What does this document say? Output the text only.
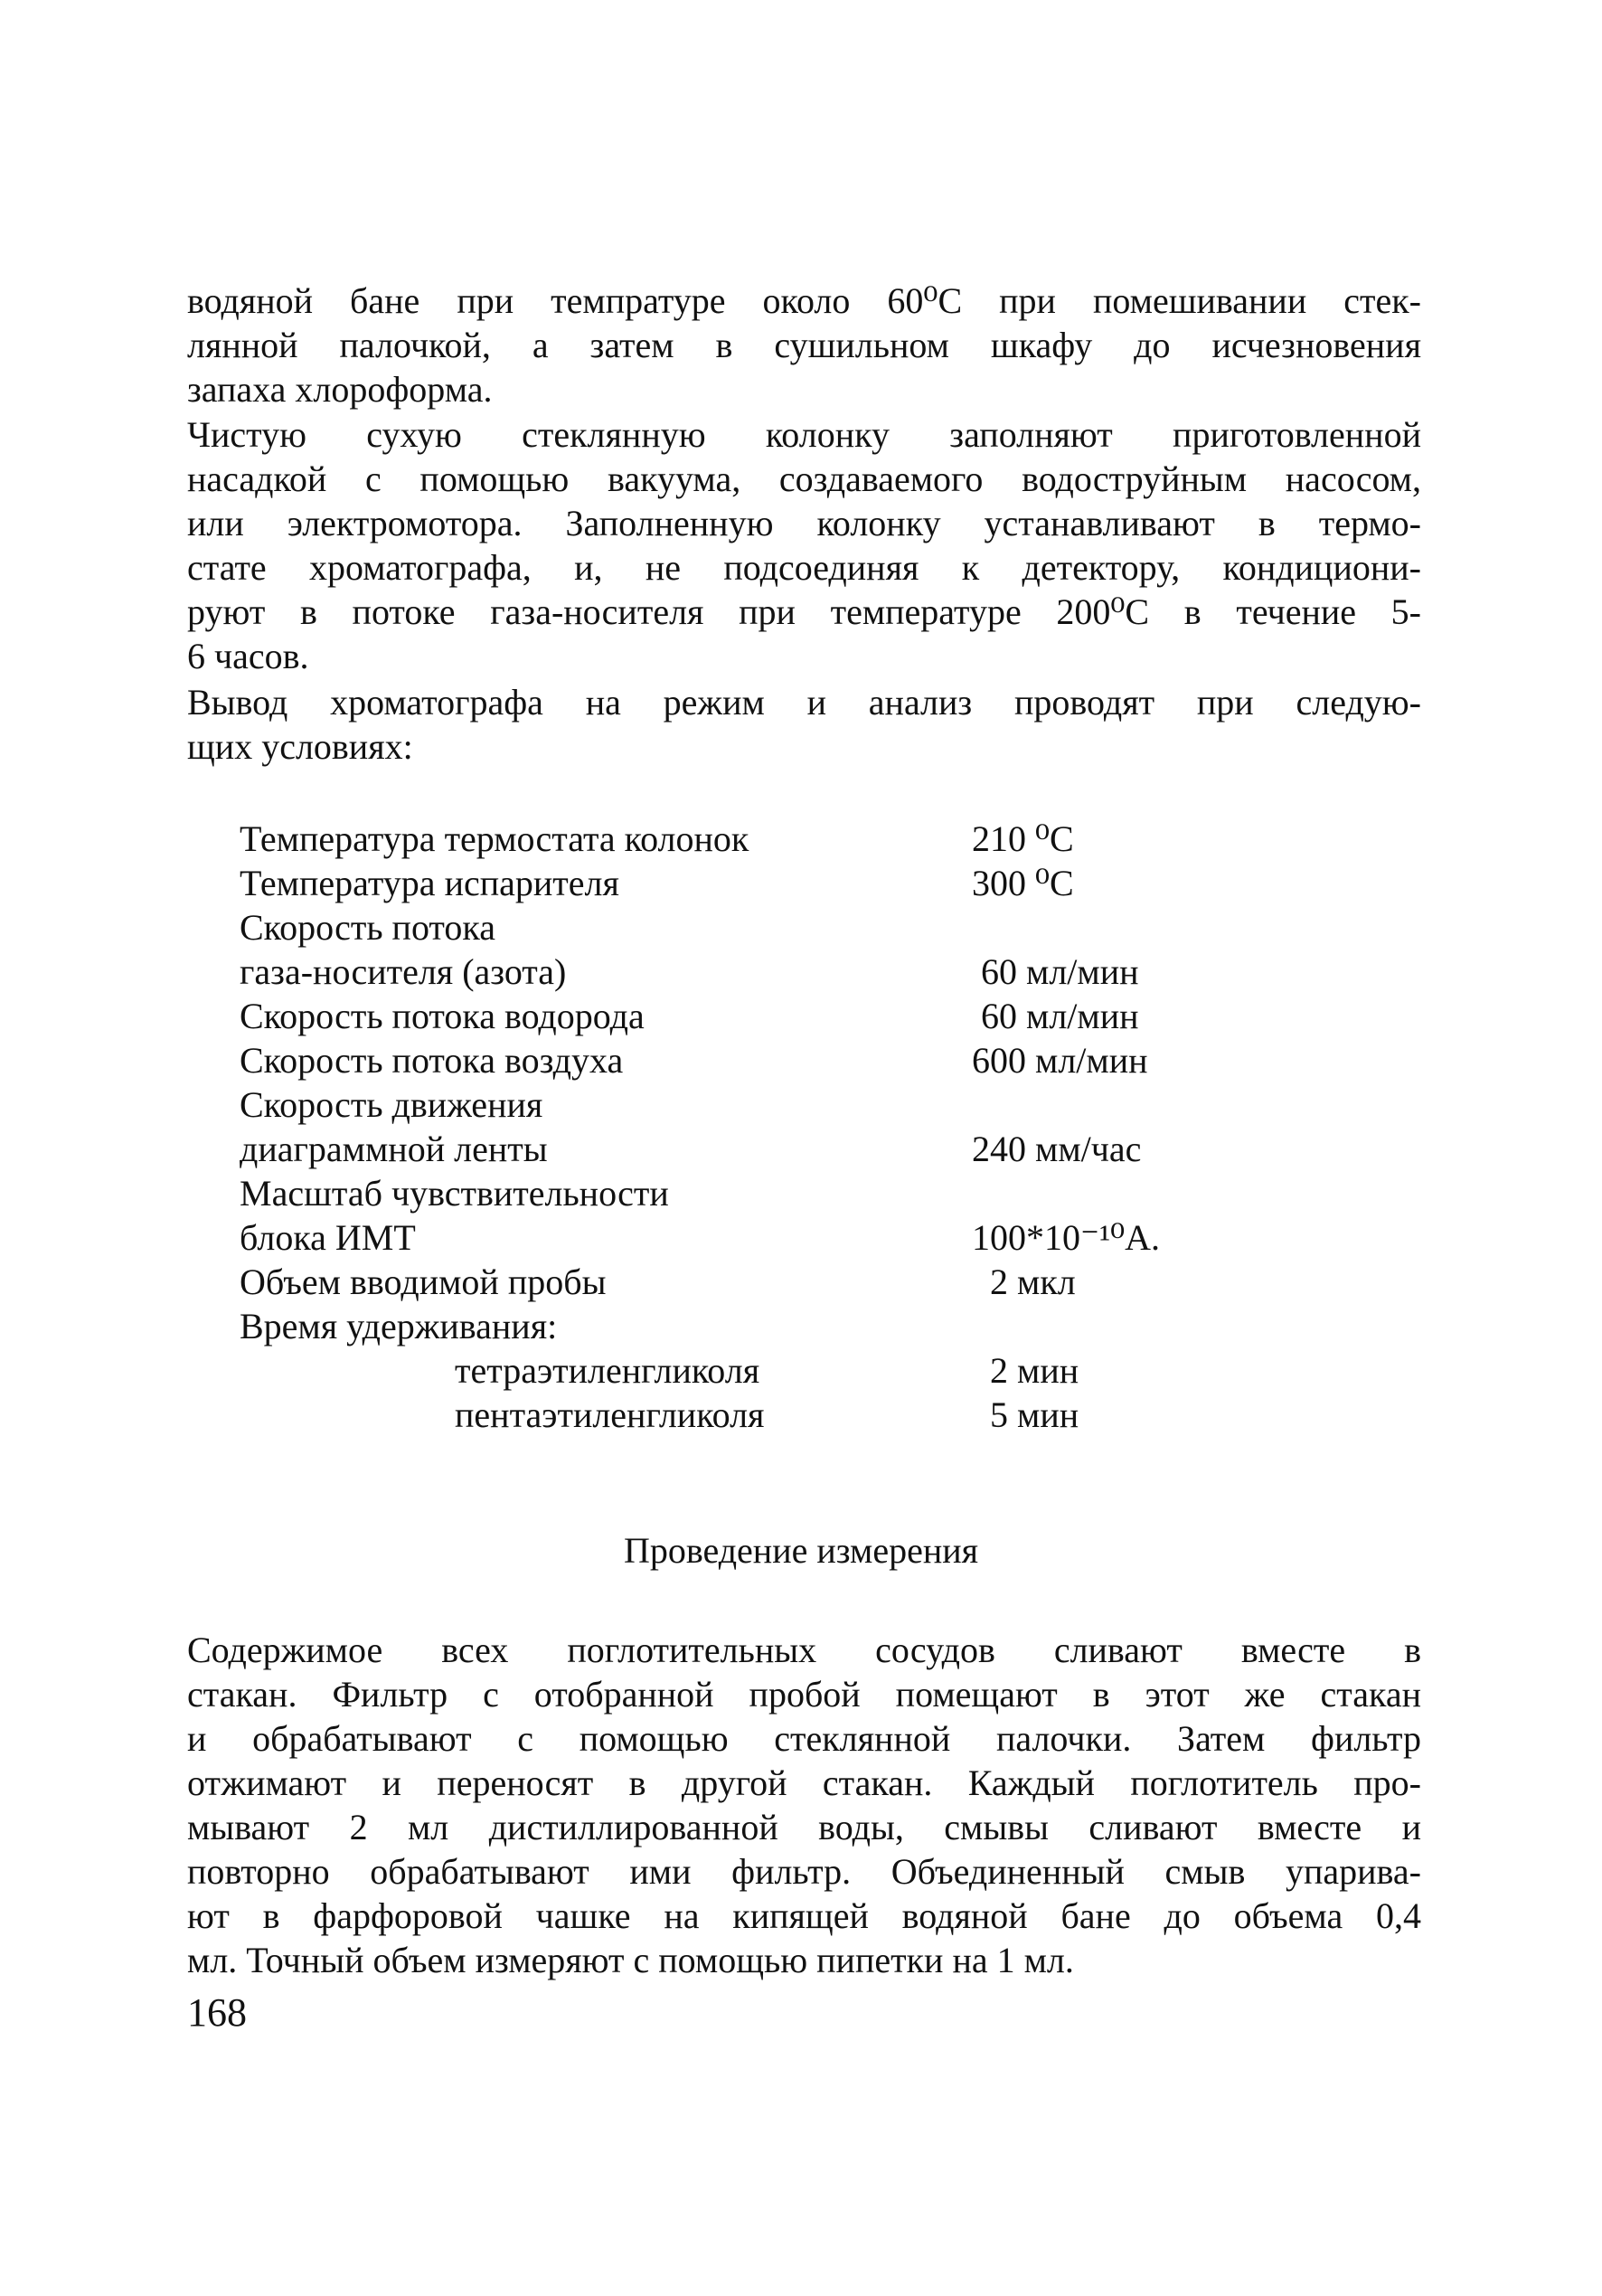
водяной бане при темпратуре около 60⁰С при помешивании стек-
лянной палочкой, а затем в сушильном шкафу до исчезновения
запаха хлороформа.
Чистую сухую стеклянную колонку заполняют приготовленной
насадкой с помощью вакуума, создаваемого водоструйным насосом,
или электромотора. Заполненную колонку устанавливают в термо-
стате хроматографа, и, не подсоединяя к детектору, кондициони-
руют в потоке газа-носителя при температуре 200⁰С в течение 5-
6 часов.
Вывод хроматографа на режим и анализ проводят при следую-
щих условиях:
Температура термостата колонок	210 ⁰С
Температура испарителя	300 ⁰С
Скорость потока
газа-носителя (азота)	60 мл/мин
Скорость потока водорода	60 мл/мин
Скорость потока воздуха	600 мл/мин
Скорость движения
диаграммной ленты	240 мм/час
Масштаб чувствительности
блока ИМТ	100*10⁻¹⁰А.
Объем вводимой пробы	2 мкл
Время удерживания:
тетраэтиленгликоля	2 мин
пентаэтиленгликоля	5 мин
Проведение измерения
Содержимое всех поглотительных сосудов сливают вместе в
стакан. Фильтр с отобранной пробой помещают в этот же стакан
и обрабатывают с помощью стеклянной палочки. Затем фильтр
отжимают и переносят в другой стакан. Каждый поглотитель про-
мывают 2 мл дистиллированной воды, смывы сливают вместе и
повторно обрабатывают ими фильтр. Объединенный смыв упарива-
ют в фарфоровой чашке на кипящей водяной бане до объема 0,4
мл. Точный объем измеряют с помощью пипетки на 1 мл.
168
